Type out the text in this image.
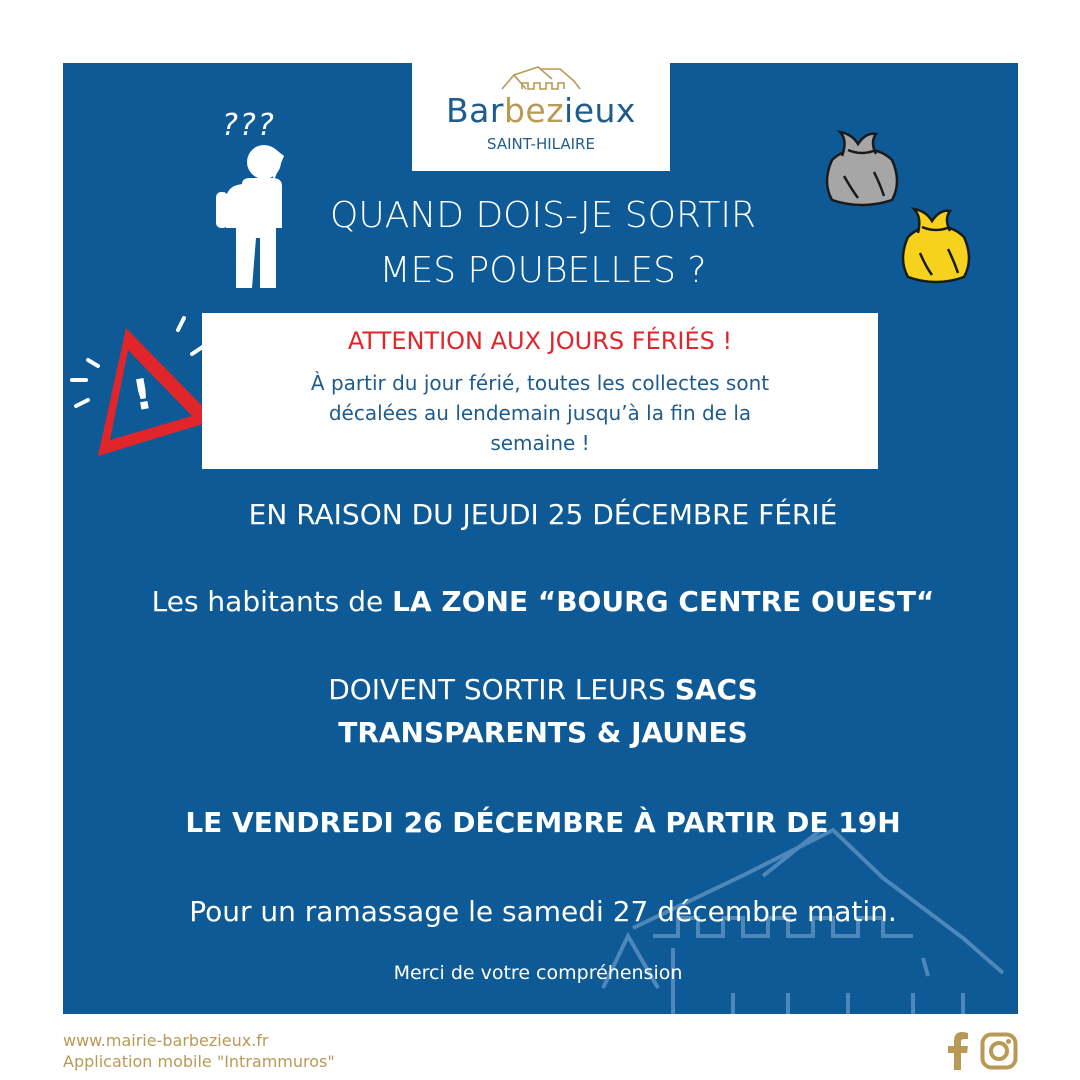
Barbezieux
SAINT-HILAIRE
???
QUAND DOIS-JE SORTIR
MES POUBELLES ?
!
ATTENTION AUX JOURS FÉRIÉS !
À partir du jour férié, toutes les collectes sont
décalées au lendemain jusqu’à la fin de la
semaine !
EN RAISON DU JEUDI 25 DÉCEMBRE FÉRIÉ
Les habitants de LA ZONE “BOURG CENTRE OUEST“
DOIVENT SORTIR LEURS SACS
TRANSPARENTS & JAUNES
LE VENDREDI 26 DÉCEMBRE À PARTIR DE 19H
Pour un ramassage le samedi 27 décembre matin.
Merci de votre compréhension
www.mairie-barbezieux.fr
Application mobile "Intrammuros"
